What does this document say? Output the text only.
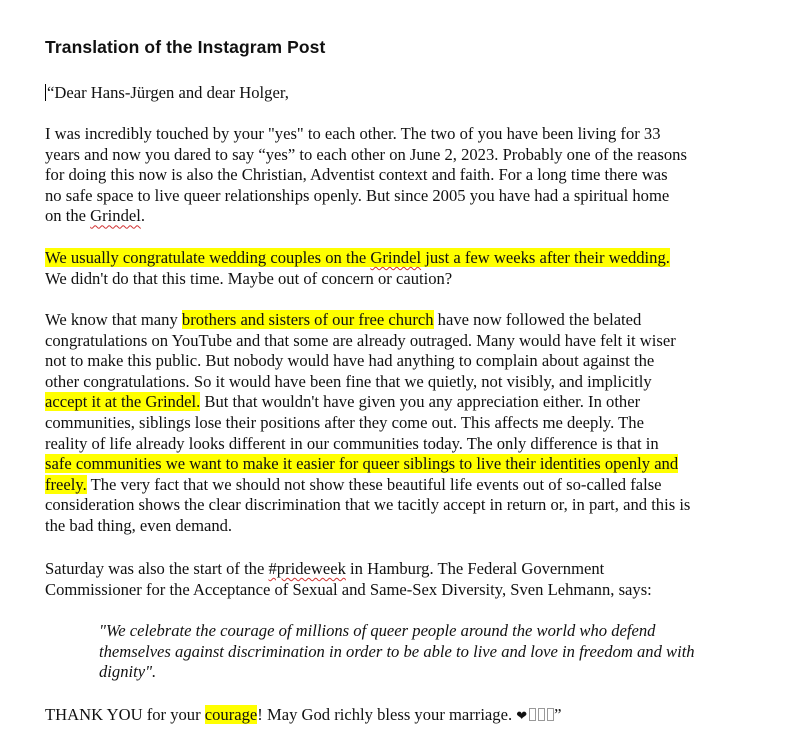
Translation of the Instagram Post
“Dear Hans-Jürgen and dear Holger,
I was incredibly touched by your "yes" to each other. The two of you have been living for 33
years and now you dared to say “yes” to each other on June 2, 2023. Probably one of the reasons
for doing this now is also the Christian, Adventist context and faith. For a long time there was
no safe space to live queer relationships openly. But since 2005 you have had a spiritual home
on the Grindel.
We usually congratulate wedding couples on the Grindel just a few weeks after their wedding.
We didn't do that this time. Maybe out of concern or caution?
We know that many brothers and sisters of our free church have now followed the belated
congratulations on YouTube and that some are already outraged. Many would have felt it wiser
not to make this public. But nobody would have had anything to complain about against the
other congratulations. So it would have been fine that we quietly, not visibly, and implicitly
accept it at the Grindel. But that wouldn't have given you any appreciation either. In other
communities, siblings lose their positions after they come out. This affects me deeply. The
reality of life already looks different in our communities today. The only difference is that in
safe communities we want to make it easier for queer siblings to live their identities openly and
freely. The very fact that we should not show these beautiful life events out of so-called false
consideration shows the clear discrimination that we tacitly accept in return or, in part, and this is
the bad thing, even demand.
Saturday was also the start of the #prideweek in Hamburg. The Federal Government
Commissioner for the Acceptance of Sexual and Same-Sex Diversity, Sven Lehmann, says:
"We celebrate the courage of millions of queer people around the world who defend
themselves against discrimination in order to be able to live and love in freedom and with
dignity".
THANK YOU for your courage! May God richly bless your marriage. ❤ ”
